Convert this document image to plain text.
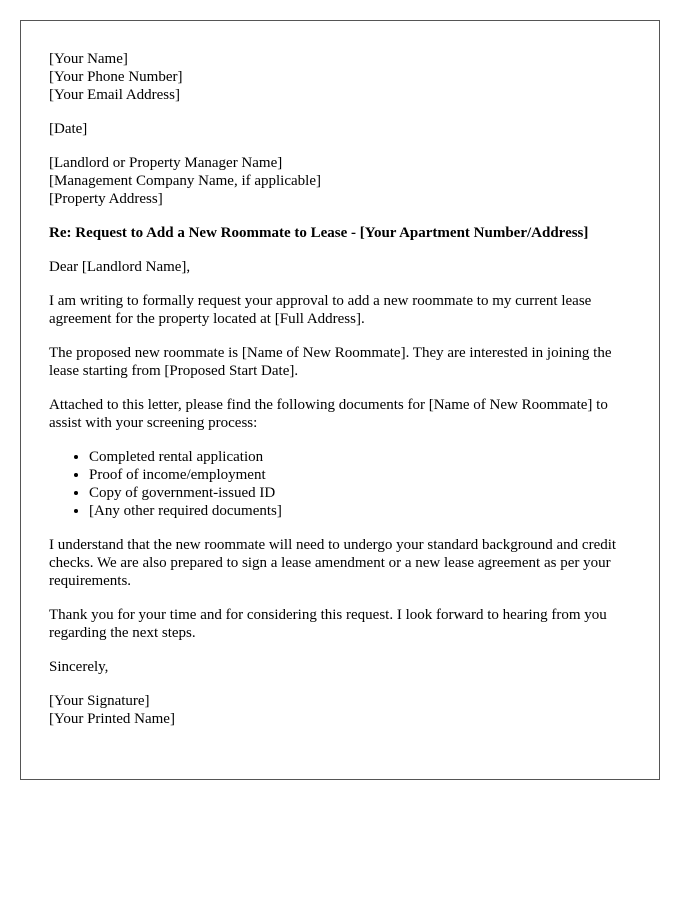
[Your Name]
[Your Phone Number]
[Your Email Address]
[Date]
[Landlord or Property Manager Name]
[Management Company Name, if applicable]
[Property Address]

Re: Request to Add a New Roommate to Lease - [Your Apartment Number/Address]

Dear [Landlord Name],

I am writing to formally request your approval to add a new roommate to my current lease agreement for the property located at [Full Address].

The proposed new roommate is [Name of New Roommate]. They are interested in joining the lease starting from [Proposed Start Date].

Attached to this letter, please find the following documents for [Name of New Roommate] to assist with your screening process:

• Completed rental application
• Proof of income/employment
• Copy of government-issued ID
• [Any other required documents]

I understand that the new roommate will need to undergo your standard background and credit checks. We are also prepared to sign a lease amendment or a new lease agreement as per your requirements.

Thank you for your time and for considering this request. I look forward to hearing from you regarding the next steps.

Sincerely,

[Your Signature]
[Your Printed Name]
